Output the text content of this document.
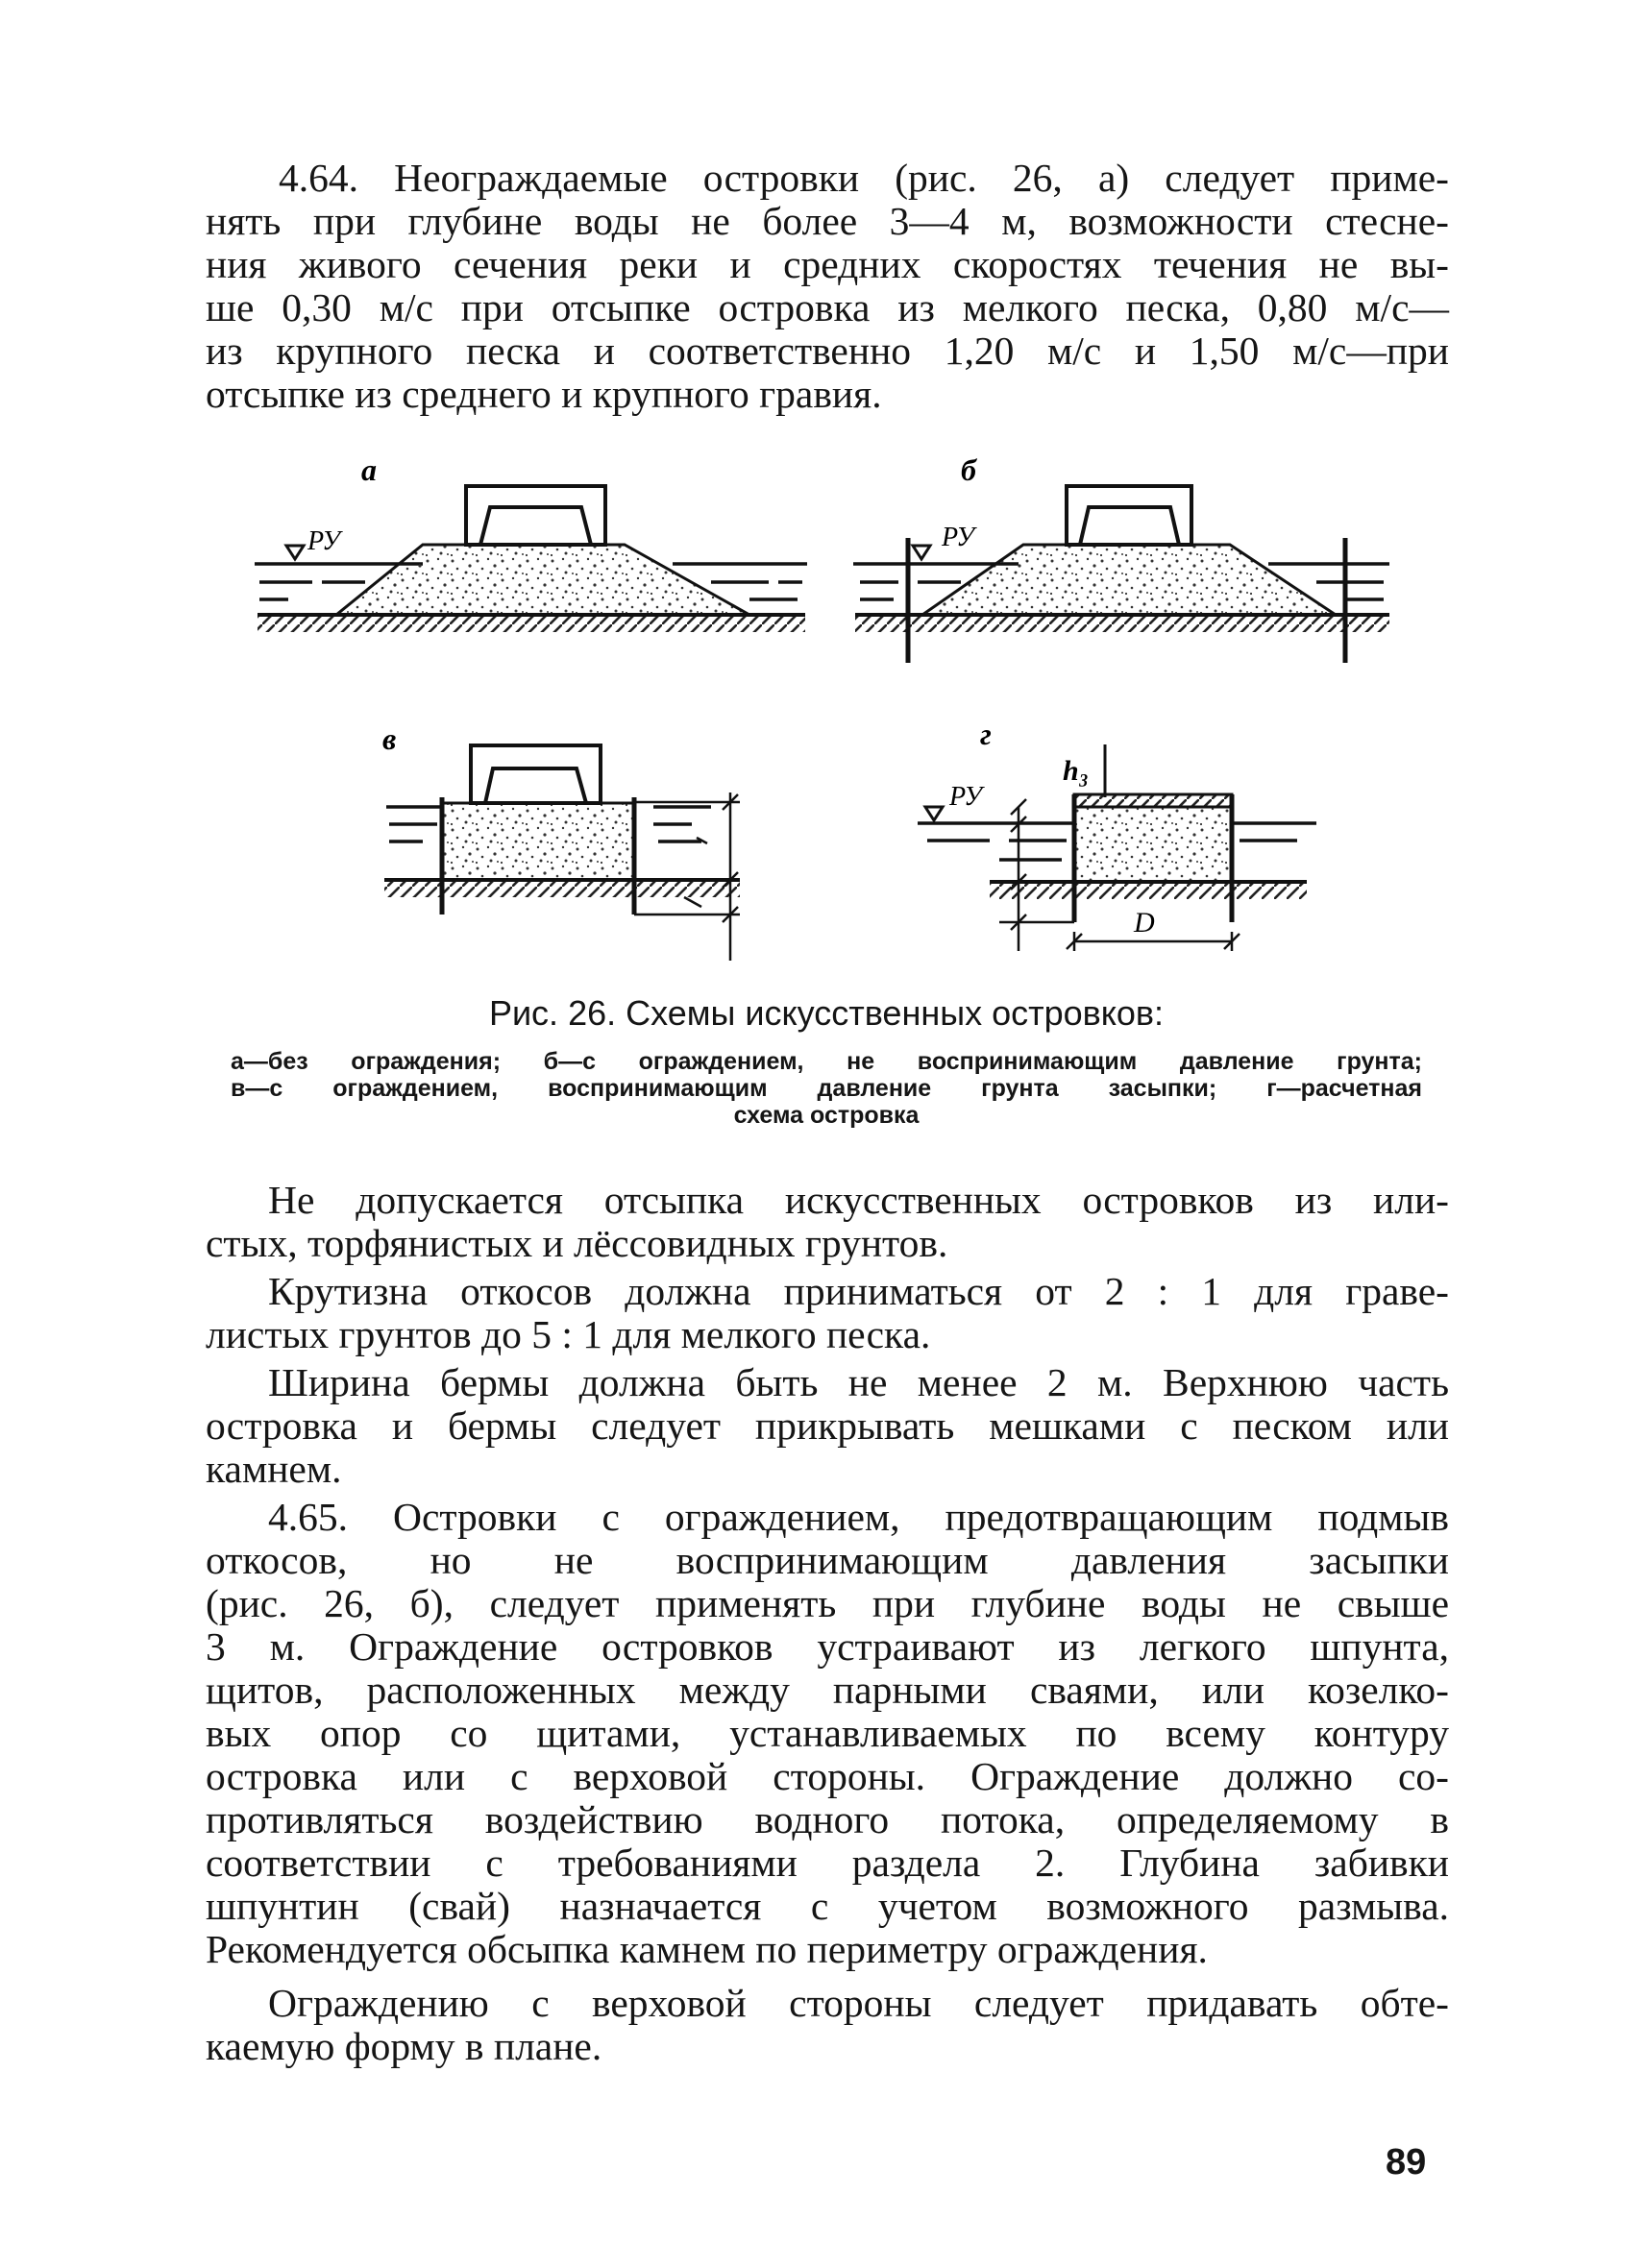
4.64. Неограждаемые островки (рис. 26, а) следует приме-
нять при глубине воды не более 3—4 м, возможности стесне-
ния живого сечения реки и средних скоростях течения не вы-
ше 0,30 м/с при отсыпке островка из мелкого песка, 0,80 м/с—
из крупного песка и соответственно 1,20 м/с и 1,50 м/с—при
отсыпке из среднего и крупного гравия.
а
РУ
б
РУ
в	г
h₃
РУ
D
Рис. 26. Схемы искусственных островков:
а—без ограждения; б—с ограждением, не воспринимающим давление грунта;
в—с ограждением, воспринимающим давление грунта засыпки; г—расчетная
схема островка
Не допускается отсыпка искусственных островков из или-
стых, торфянистых и лёссовидных грунтов.
Крутизна откосов должна приниматься от 2 : 1 для граве-
листых грунтов до 5 : 1 для мелкого песка.
Ширина бермы должна быть не менее 2 м. Верхнюю часть
островка и бермы следует прикрывать мешками с песком или
камнем.
4.65. Островки с ограждением, предотвращающим подмыв
откосов, но не воспринимающим давления засыпки
(рис. 26, б), следует применять при глубине воды не свыше
3 м. Ограждение островков устраивают из легкого шпунта,
щитов, расположенных между парными сваями, или козелко-
вых опор со щитами, устанавливаемых по всему контуру
островка или с верховой стороны. Ограждение должно со-
противляться воздействию водного потока, определяемому в
соответствии с требованиями раздела 2. Глубина забивки
шпунтин (свай) назначается с учетом возможного размыва.
Рекомендуется обсыпка камнем по периметру ограждения.
Ограждению с верховой стороны следует придавать обте-
каемую форму в плане.
89
